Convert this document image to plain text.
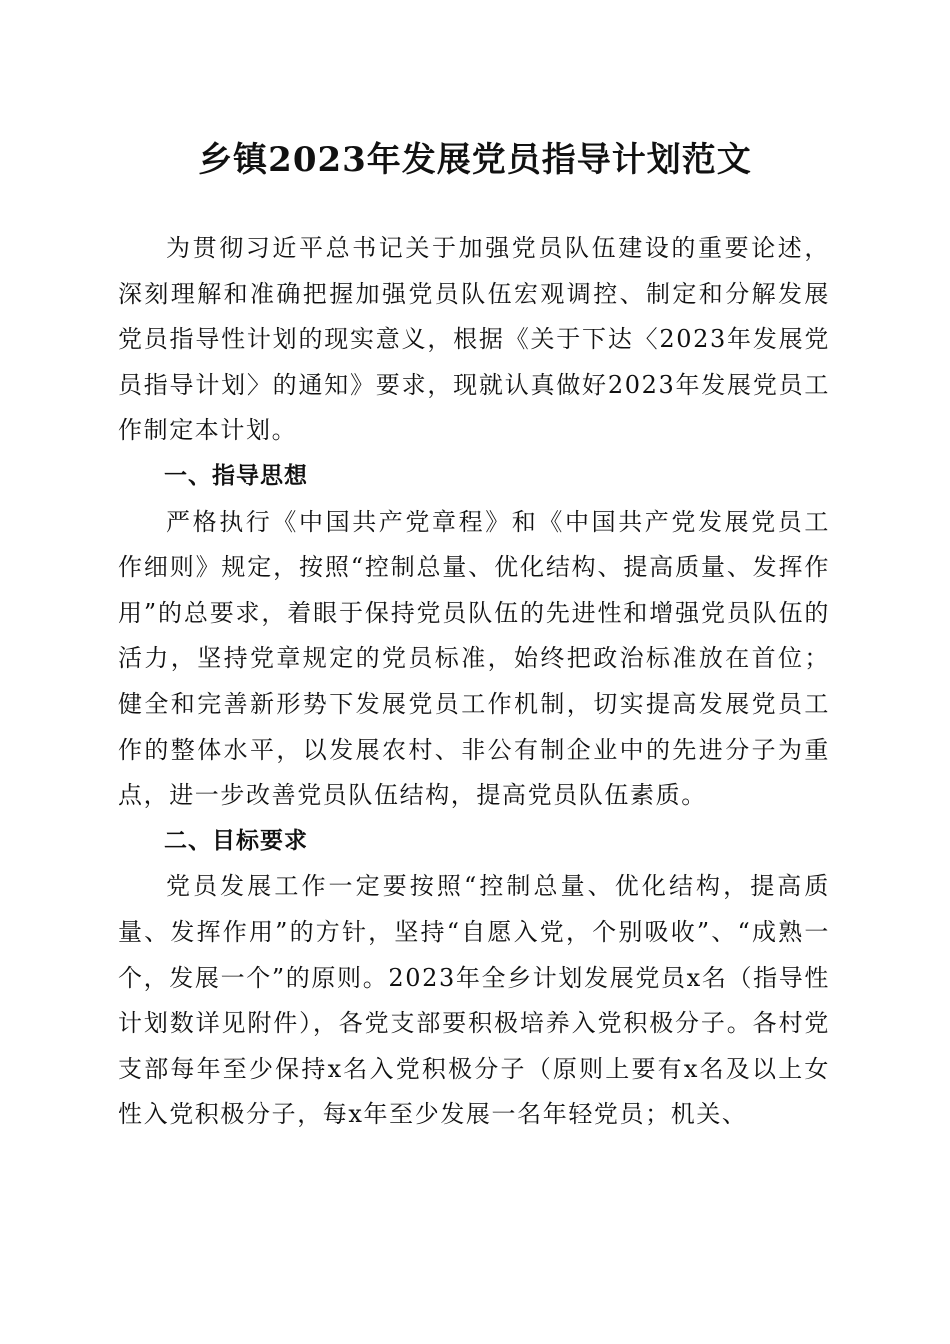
乡镇2023年发展党员指导计划范文

为贯彻习近平总书记关于加强党员队伍建设的重要论述，深刻理解和准确把握加强党员队伍宏观调控、制定和分解发展党员指导性计划的现实意义，根据《关于下达〈2023年发展党员指导计划〉的通知》要求，现就认真做好2023年发展党员工作制定本计划。

一、指导思想

严格执行《中国共产党章程》和《中国共产党发展党员工作细则》规定，按照“控制总量、优化结构、提高质量、发挥作用”的总要求，着眼于保持党员队伍的先进性和增强党员队伍的活力，坚持党章规定的党员标准，始终把政治标准放在首位；健全和完善新形势下发展党员工作机制，切实提高发展党员工作的整体水平，以发展农村、非公有制企业中的先进分子为重点，进一步改善党员队伍结构，提高党员队伍素质。

二、目标要求

党员发展工作一定要按照“控制总量、优化结构，提高质量、发挥作用”的方针，坚持“自愿入党，个别吸收”、“成熟一个，发展一个”的原则。2023年全乡计划发展党员x名（指导性计划数详见附件），各党支部要积极培养入党积极分子。各村党支部每年至少保持x名入党积极分子（原则上要有x名及以上女性入党积极分子，每x年至少发展一名年轻党员；机关、
